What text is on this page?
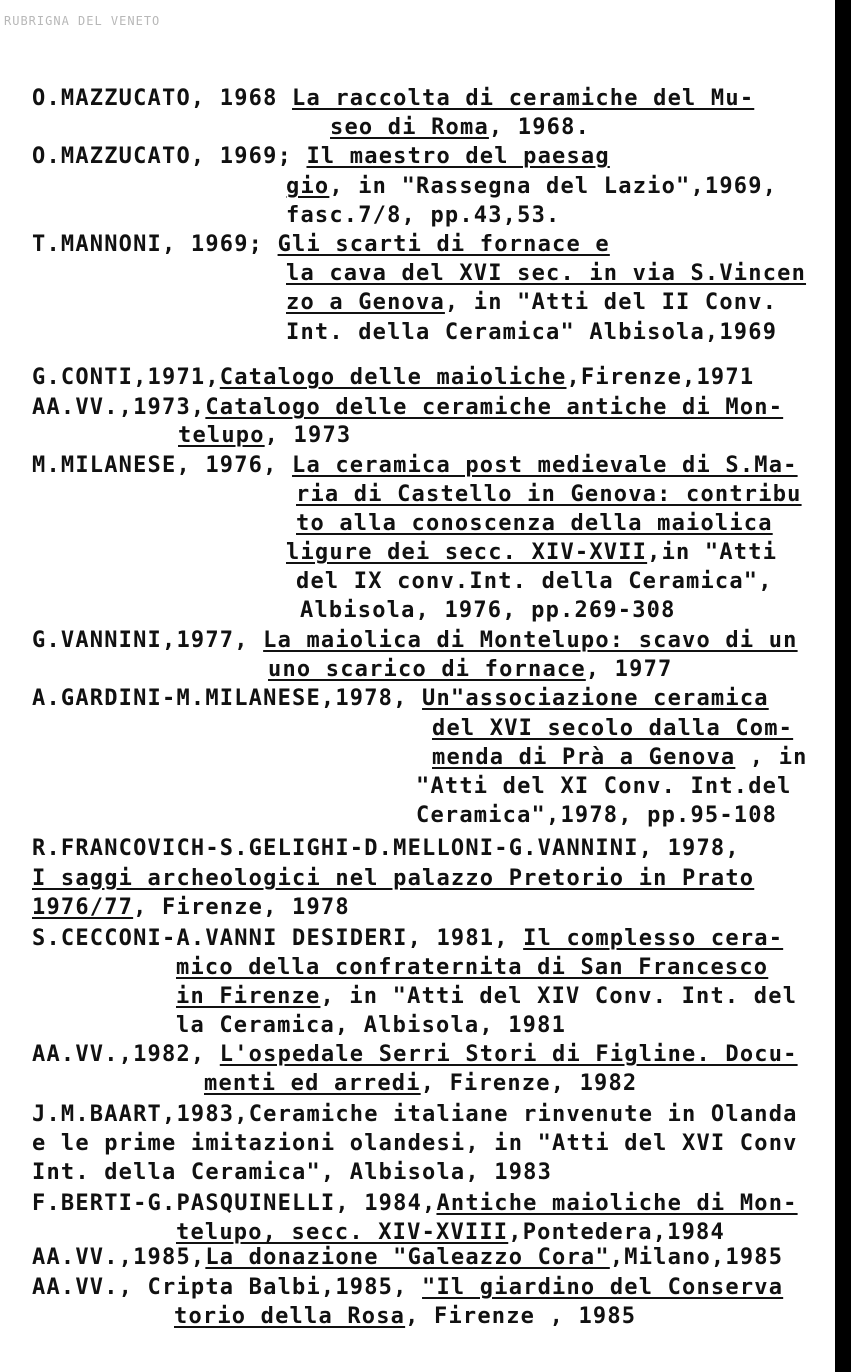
RUBRIGNA DEL VENETO
O.MAZZUCATO, 1968 La raccolta di ceramiche del Mu-
seo di Roma, 1968.
O.MAZZUCATO, 1969; Il maestro del paesag
gio, in "Rassegna del Lazio",1969,
fasc.7/8, pp.43,53.
T.MANNONI, 1969; Gli scarti di fornace e
la cava del XVI sec. in via S.Vincen
zo a Genova, in "Atti del II Conv.
Int. della Ceramica" Albisola,1969
G.CONTI,1971,Catalogo delle maioliche,Firenze,1971
AA.VV.,1973,Catalogo delle ceramiche antiche di Mon-
telupo, 1973
M.MILANESE, 1976, La ceramica post medievale di S.Ma-
ria di Castello in Genova: contribu
to alla conoscenza della maiolica
ligure dei secc. XIV-XVII,in "Atti
del IX conv.Int. della Ceramica",
Albisola, 1976, pp.269-308
G.VANNINI,1977, La maiolica di Montelupo: scavo di un
uno scarico di fornace, 1977
A.GARDINI-M.MILANESE,1978, Un"associazione ceramica
del XVI secolo dalla Com-
menda di Prà a Genova , in
"Atti del XI Conv. Int.del
Ceramica",1978, pp.95-108
R.FRANCOVICH-S.GELIGHI-D.MELLONI-G.VANNINI, 1978,
I saggi archeologici nel palazzo Pretorio in Prato
1976/77, Firenze, 1978
S.CECCONI-A.VANNI DESIDERI, 1981, Il complesso cera-
mico della confraternita di San Francesco
in Firenze, in "Atti del XIV Conv. Int. del
la Ceramica, Albisola, 1981
AA.VV.,1982, L'ospedale Serri Stori di Figline. Docu-
menti ed arredi, Firenze, 1982
J.M.BAART,1983,Ceramiche italiane rinvenute in Olanda
e le prime imitazioni olandesi, in "Atti del XVI Conv
Int. della Ceramica", Albisola, 1983
F.BERTI-G.PASQUINELLI, 1984,Antiche maioliche di Mon-
telupo, secc. XIV-XVIII,Pontedera,1984
AA.VV.,1985,La donazione "Galeazzo Cora",Milano,1985
AA.VV., Cripta Balbi,1985, "Il giardino del Conserva
torio della Rosa, Firenze , 1985
